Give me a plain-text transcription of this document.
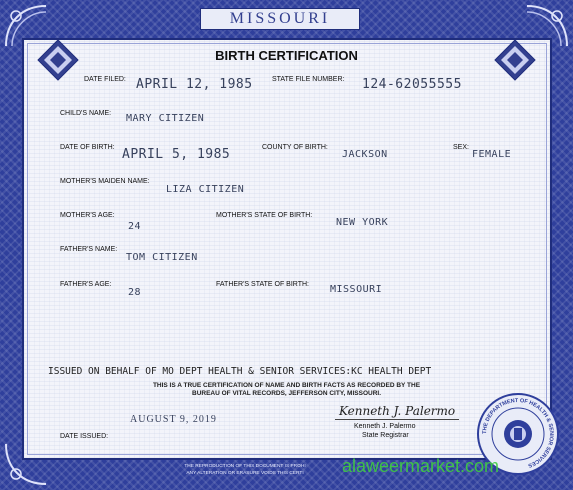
MISSOURI
BIRTH CERTIFICATION
DATE FILED: APRIL 12, 1985	STATE FILE NUMBER: 124-62055555
CHILD'S NAME: MARY CITIZEN
DATE OF BIRTH: APRIL 5, 1985	COUNTY OF BIRTH:
JACKSON
SEX:
FEMALE
MOTHER'S MAIDEN NAME:
LIZA CITIZEN
MOTHER'S AGE:
24
MOTHER'S STATE OF BIRTH:
NEW YORK
FATHER'S NAME:
TOM CITIZEN
FATHER'S AGE:
28
FATHER'S STATE OF BIRTH: MISSOURI
ISSUED ON BEHALF OF MO DEPT HEALTH & SENIOR SERVICES:KC HEALTH DEPT
THIS IS A TRUE CERTIFICATION OF NAME AND BIRTH FACTS AS RECORDED BY THE
BUREAU OF VITAL RECORDS, JEFFERSON CITY, MISSOURI.
AUGUST 9, 2019
DATE ISSUED:
Kenneth J. Palermo
Kenneth J. Palermo
State Registrar	THE DEPARTMENT OF HEALTH & SENIOR SERVICES
THE REPRODUCTION OF THIS DOCUMENT IS PROHI
ANY ALTERATION OR ERASURE VOIDS THIS CERTI	alaweermarket.com
